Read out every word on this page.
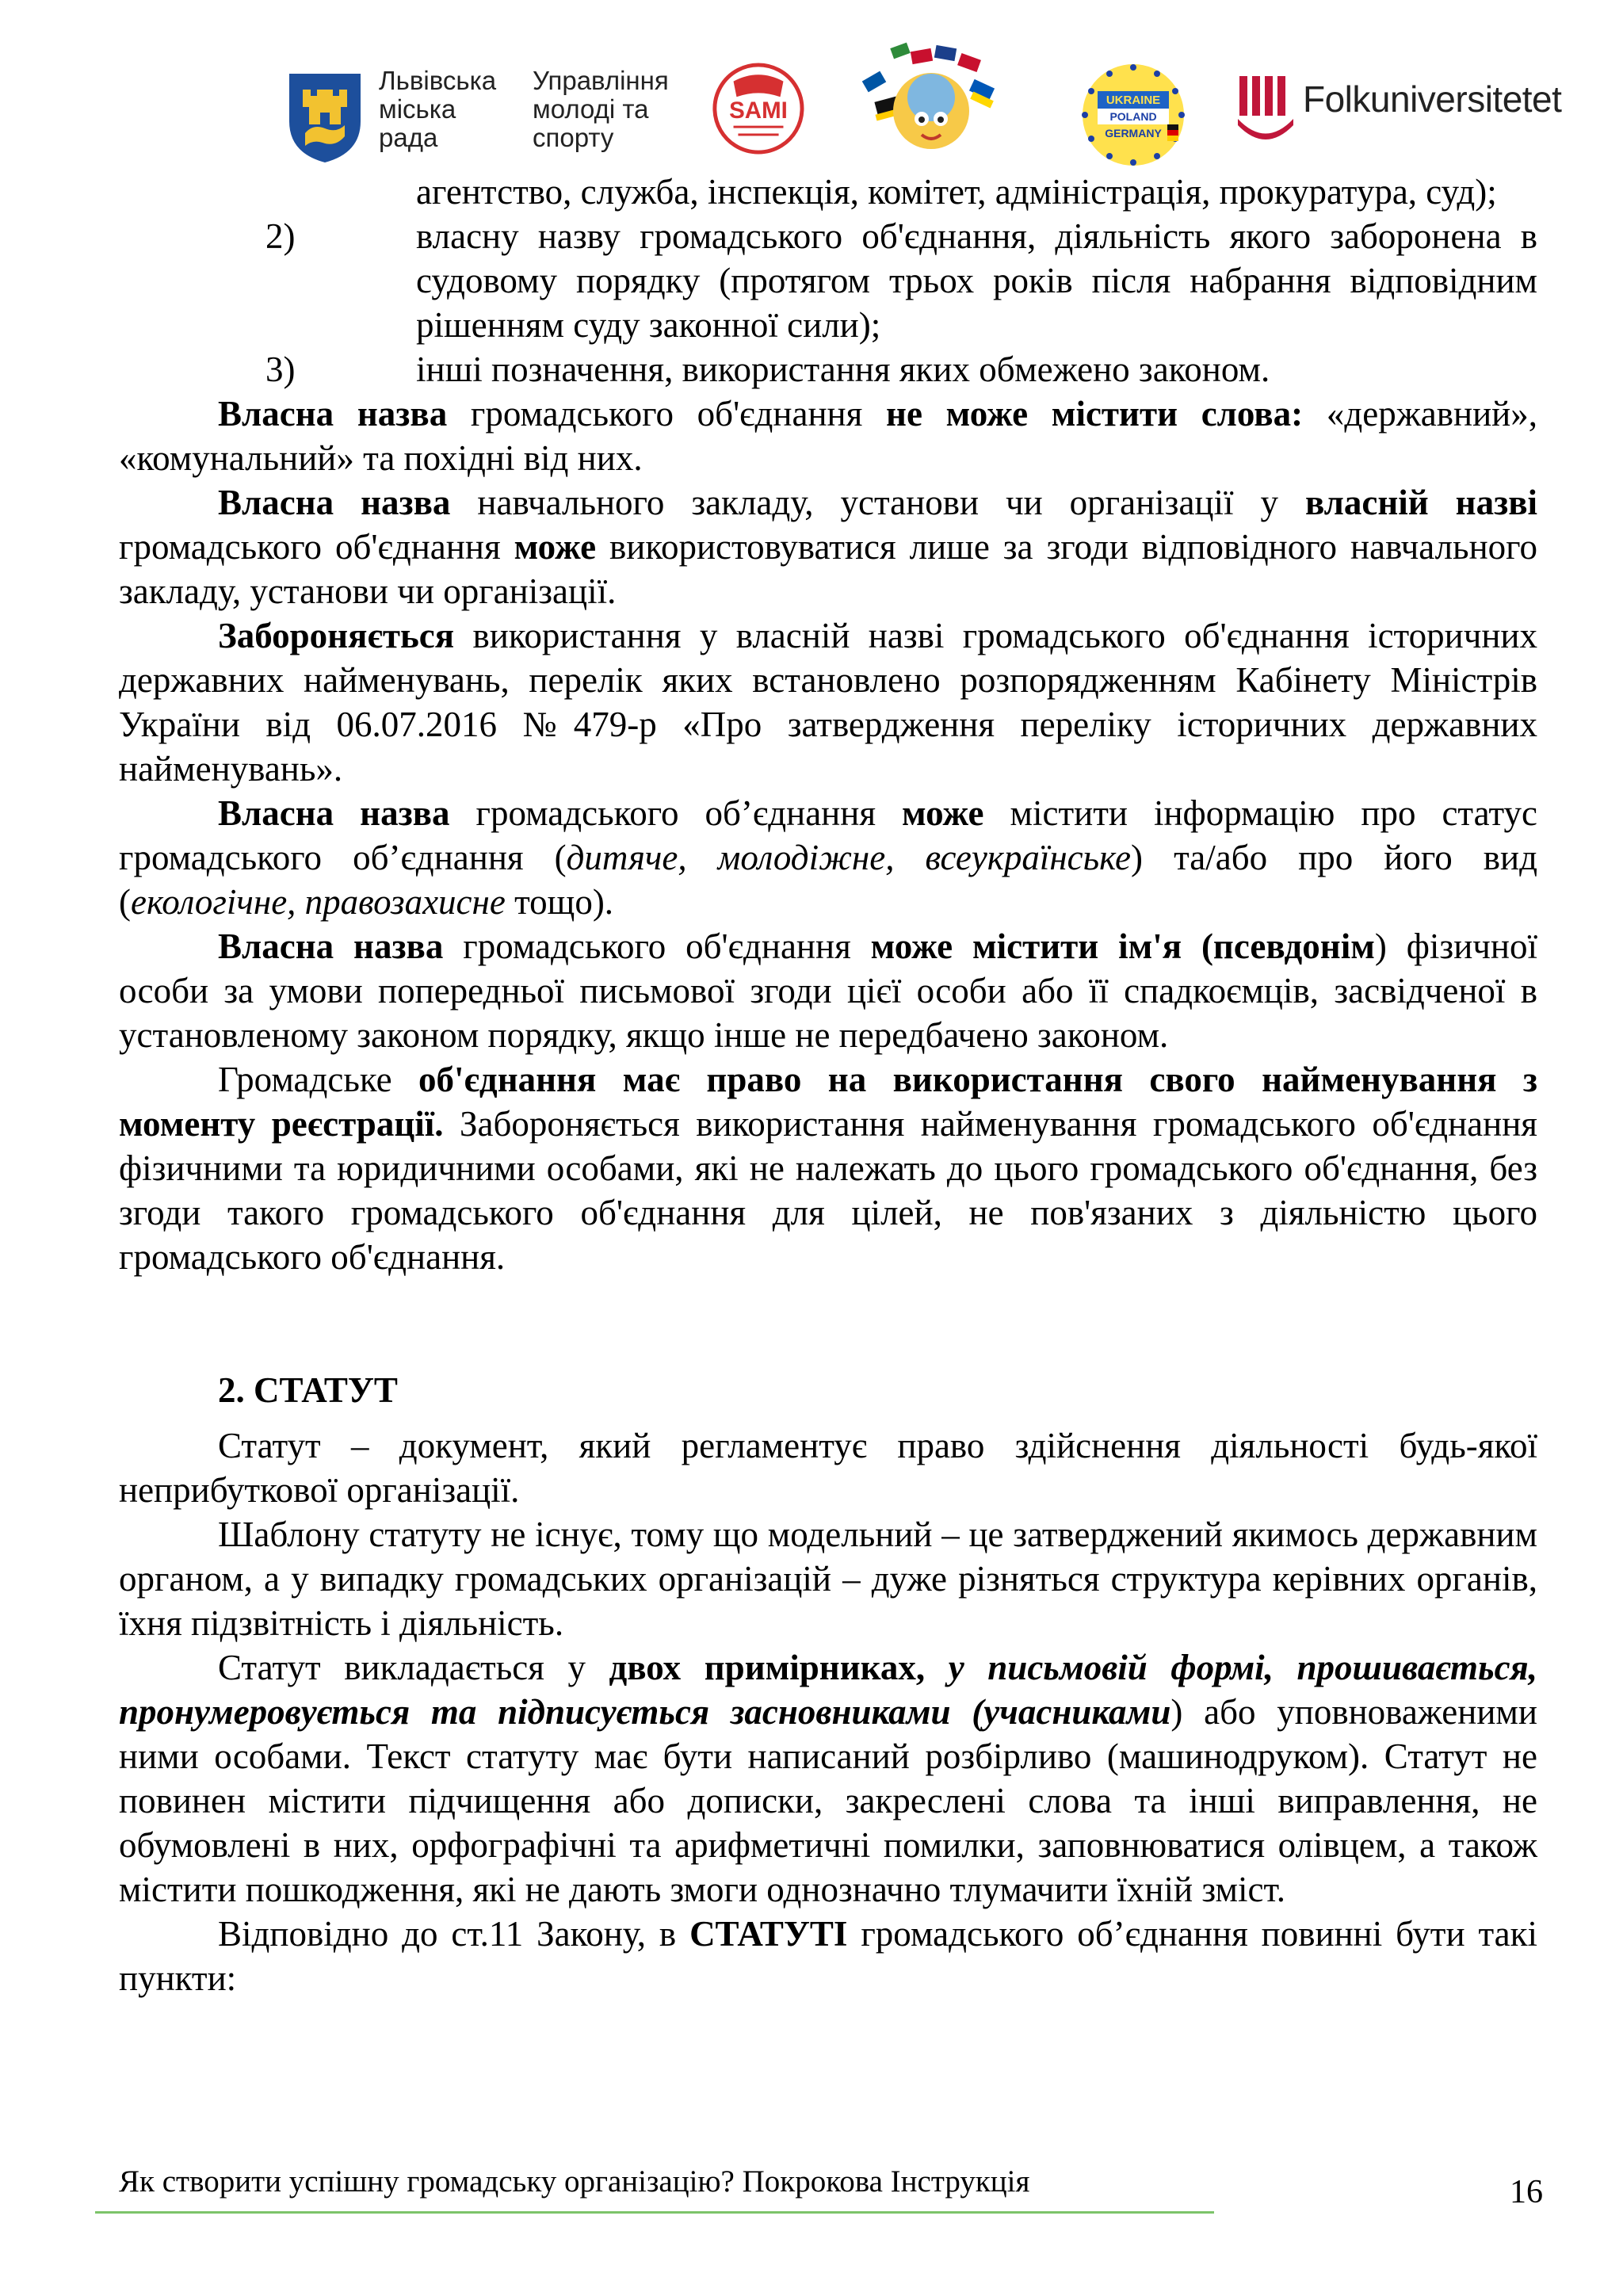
Львівська
міська
рада
Управління
молоді та
спорту
SAMI	UKRAINE
POLAND
GERMANY
Folkuniversitetet
агентство, служба, інспекція, комітет, адміністрація, прокуратура, суд);
2)	власну назву громадського об'єднання, діяльність якого заборонена в судовому порядку (протягом трьох років після набрання відповідним рішенням суду законної сили);
3)	інші позначення, використання яких обмежено законом.

Власна назва громадського об'єднання не може містити слова: «державний», «комунальний» та похідні від них.

Власна назва навчального закладу, установи чи організації у власній назві громадського об'єднання може використовуватися лише за згоди відповідного навчального закладу, установи чи організації.

Забороняється використання у власній назві громадського об'єднання історичних державних найменувань, перелік яких встановлено розпорядженням Кабінету Міністрів України від 06.07.2016 №479-р «Про затвердження переліку історичних державних найменувань».

Власна назва громадського об’єднання може містити інформацію про статус громадського об’єднання (дитяче, молодіжне, всеукраїнське) та/або про його вид (екологічне, правозахисне тощо).

Власна назва громадського об'єднання може містити ім'я (псевдонім) фізичної особи за умови попередньої письмової згоди цієї особи або її спадкоємців, засвідченої в установленому законом порядку, якщо інше не передбачено законом.

Громадське об'єднання має право на використання свого найменування з моменту реєстрації. Забороняється використання найменування громадського об'єднання фізичними та юридичними особами, які не належать до цього громадського об'єднання, без згоди такого громадського об'єднання для цілей, не пов'язаних з діяльністю цього громадського об'єднання.

2. СТАТУТ

Статут – документ, який регламентує право здійснення діяльності будь-якої неприбуткової організації.

Шаблону статуту не існує, тому що модельний – це затверджений якимось державним органом, а у випадку громадських організацій – дуже різняться структура керівних органів, їхня підзвітність і діяльність.

Статут викладається у двох примірниках, у письмовій формі, прошивається, пронумеровується та підписується засновниками (учасниками) або уповноваженими ними особами. Текст статуту має бути написаний розбірливо (машинодруком). Статут не повинен містити підчищення або дописки, закреслені слова та інші виправлення, не обумовлені в них, орфографічні та арифметичні помилки, заповнюватися олівцем, а також містити пошкодження, які не дають змоги однозначно тлумачити їхній зміст.

Відповідно до ст.11 Закону, в СТАТУТІ громадського об’єднання повинні бути такі пункти:

Як створити успішну громадську організацію? Покрокова Інструкція	16
